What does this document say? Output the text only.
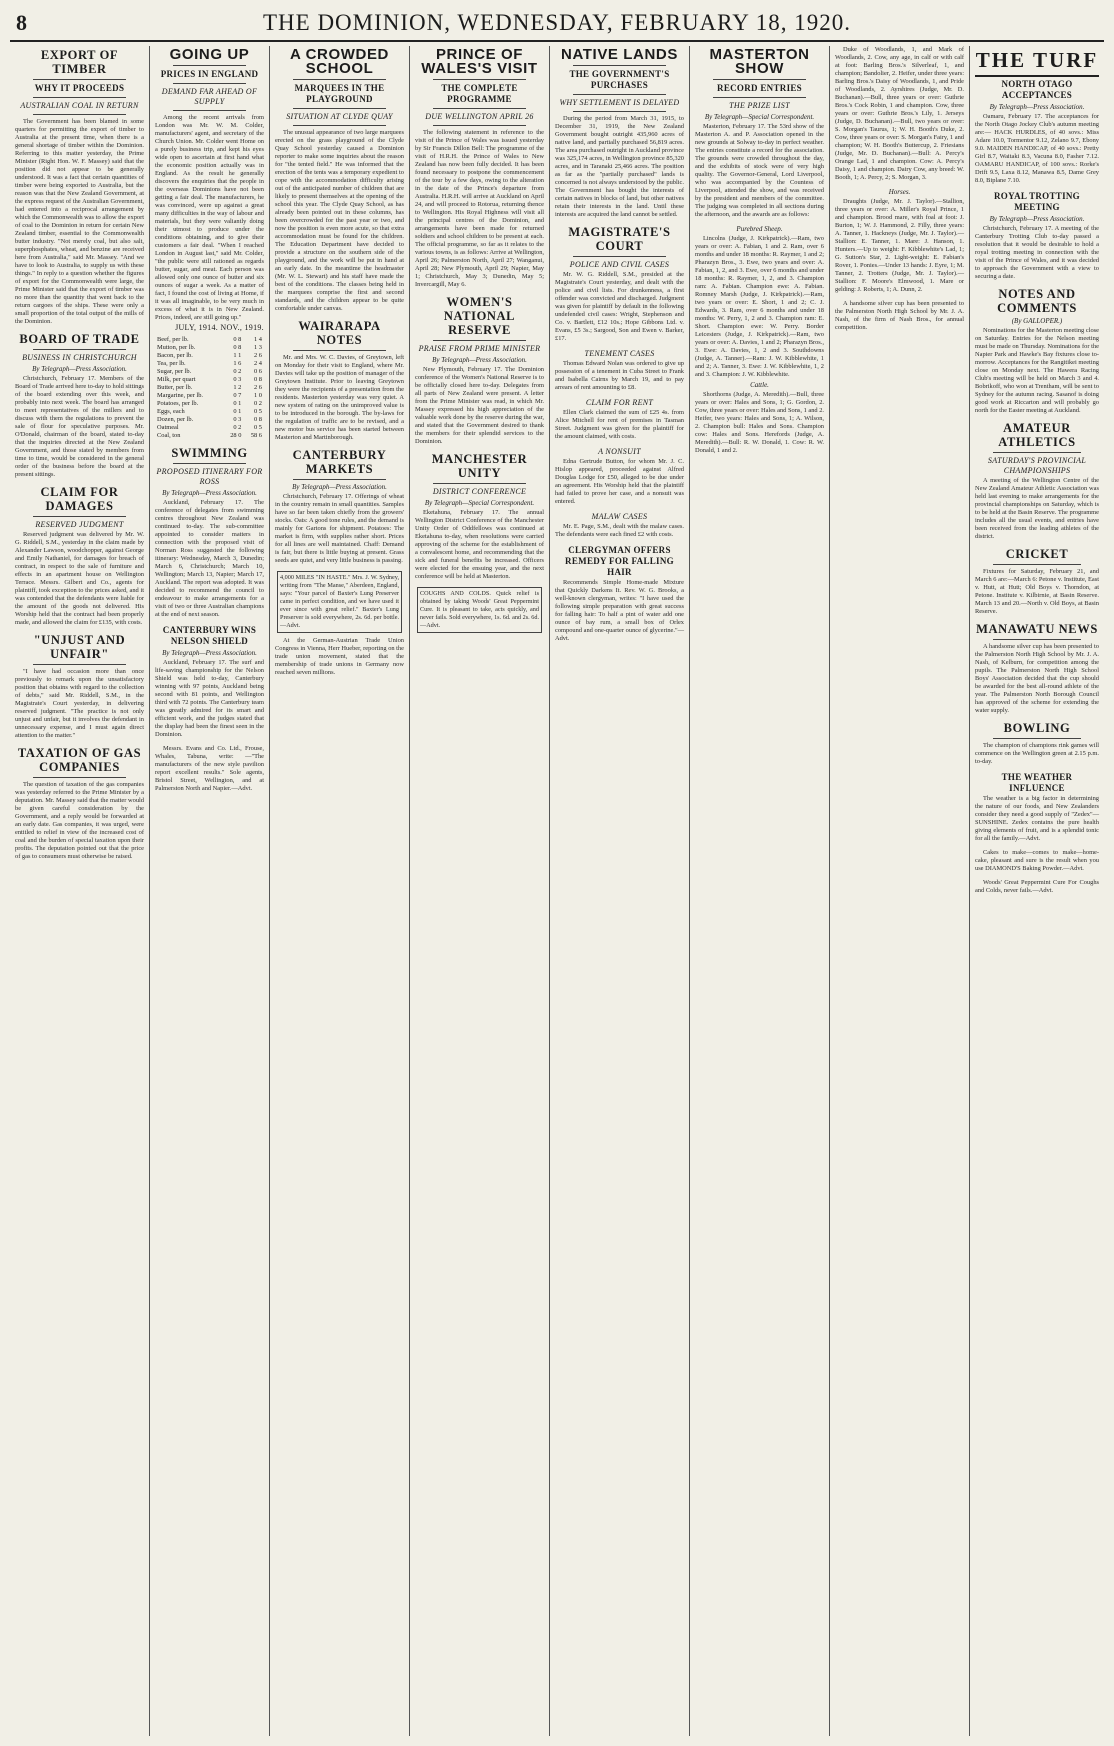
8	THE DOMINION, WEDNESDAY, FEBRUARY 18, 1920.
EXPORT OF TIMBER
WHY IT PROCEEDS
AUSTRALIAN COAL IN RETURN

The Government has been blamed in some quarters for permitting the export of timber to Australia at the present time, when there is a general shortage of timber within the Dominion. Referring to this matter yesterday, the Prime Minister (Right Hon. W. F. Massey) said that the position did not appear to be generally understood. It was a fact that certain quantities of timber were being exported to Australia, but the reason was that the New Zealand Government, at the express request of the Australian Government, had entered into a reciprocal arrangement by which the Commonwealth was to allow the export of coal to the Dominion in return for certain New Zealand timber, essential to the Commonwealth butter industry. "Not merely coal, but also salt, superphosphates, wheat, and benzine are received here from Australia," said Mr. Massey. "And we have to look to Australia, to supply us with these things." In reply to a question whether the figures of export for the Commonwealth were large, the Prime Minister said that the export of timber was no more than the quantity that went back to the return cargoes of the ships. These were only a small proportion of the total output of the mills of the Dominion.

BOARD OF TRADE
BUSINESS IN CHRISTCHURCH
By Telegraph—Press Association.

Christchurch, February 17. Members of the Board of Trade arrived here to-day to hold sittings of the board extending over this week, and probably into next week. The board has arranged to meet representatives of the millers and to discuss with them the regulations to prevent the sale of flour for speculative purposes. Mr. O'Donald, chairman of the board, stated to-day that the inquiries directed at the New Zealand Government, and those stated by members from time to time, would be considered in the general order of the business before the board at the present sittings.

CLAIM FOR DAMAGES
RESERVED JUDGMENT

Reserved judgment was delivered by Mr. W. G. Riddell, S.M., yesterday in the claim made by Alexander Lawson, woodchopper, against George and Emily Nathaniel, for damages for breach of contract, in respect to the sale of furniture and effects in an apartment house on Wellington Terrace. Messrs. Gilbert and Co., agents for plaintiff, took exception to the prices asked, and it was contended that the defendants were liable for the amount of the goods not delivered. His Worship held that the contract had been properly made, and allowed the claim for £135, with costs.

"UNJUST AND UNFAIR"

"I have had occasion more than once previously to remark upon the unsatisfactory position that obtains with regard to the collection of debts," said Mr. Riddell, S.M., in the Magistrate's Court yesterday, in delivering reserved judgment. "The practice is not only unjust and unfair, but it involves the defendant in unnecessary expense, and I must again direct attention to the matter."

TAXATION OF GAS COMPANIES

The question of taxation of the gas companies was yesterday referred to the Prime Minister by a deputation. Mr. Massey said that the matter would be given careful consideration by the Government, and a reply would be forwarded at an early date. Gas companies, it was urged, were entitled to relief in view of the increased cost of coal and the burden of special taxation upon their profits. The deputation pointed out that the price of gas to consumers must otherwise be raised.

GOING UP
PRICES IN ENGLAND
DEMAND FAR AHEAD OF SUPPLY

Among the recent arrivals from London was Mr. W. M. Colder, manufacturers' agent, and secretary of the Church Union. Mr. Colder went Home on a purely business trip, and kept his eyes wide open to ascertain at first hand what the economic position actually was in England. As the result he generally discovers the enquiries that the people in the overseas Dominions have not been getting a fair deal. The manufacturers, he was convinced, were up against a great many difficulties in the way of labour and materials, but they were valiantly doing their utmost to produce under the conditions obtaining, and to give their customers a fair deal. "When I reached London in August last," said Mr. Colder, "the public were still rationed as regards butter, sugar, and meat. Each person was allowed only one ounce of butter and six ounces of sugar a week. As a matter of fact, I found the cost of living at Home, if it was all imaginable, to be very much in excess of what it is in New Zealand. Prices, indeed, are still going up."

JULY, 1914. NOV., 1919.
Beef, per lb.	0 8	1 4
Mutton, per lb.	0 8	1 3
Bacon, per lb.	1 1	2 6
Tea, per lb.	1 6	2 4
Sugar, per lb.	0 2	0 6
Milk, per quart	0 3	0 8
Butter, per lb.	1 2	2 6
Margarine, per lb.	0 7	1 0
Potatoes, per lb.	0 1	0 2
Eggs, each	0 1	0 5
Dozen, per lb.	0 3	0 8
Oatmeal	0 2	0 5
Coal, ton	28 0	58 6
SWIMMING
PROPOSED ITINERARY FOR ROSS
By Telegraph—Press Association.

Auckland, February 17. The conference of delegates from swimming centres throughout New Zealand was continued to-day. The sub-committee appointed to consider matters in connection with the proposed visit of Norman Ross suggested the following itinerary: Wednesday, March 3, Dunedin; March 6, Christchurch; March 10, Wellington; March 13, Napier; March 17, Auckland. The report was adopted. It was decided to recommend the council to endeavour to make arrangements for a visit of two or three Australian champions at the end of next season.

CANTERBURY WINS NELSON SHIELD
By Telegraph—Press Association.

Auckland, February 17. The surf and life-saving championship for the Nelson Shield was held to-day, Canterbury winning with 97 points, Auckland being second with 81 points, and Wellington third with 72 points. The Canterbury team was greatly admired for its smart and efficient work, and the judges stated that the display had been the finest seen in the Dominion.

Messrs. Evans and Co. Ltd., Frouse, Whales, Tabuna, write: —"The manufacturers of the new style pavilion report excellent results." Sole agents, Bristol Street, Wellington, and at Palmerston North and Napier.—Advt.

A CROWDED SCHOOL
MARQUEES IN THE PLAYGROUND
SITUATION AT CLYDE QUAY

The unusual appearance of two large marquees erected on the grass playground of the Clyde Quay School yesterday caused a Dominion reporter to make some inquiries about the reason for "the tented field." He was informed that the erection of the tents was a temporary expedient to cope with the accommodation difficulty arising out of the anticipated number of children that are likely to present themselves at the opening of the school this year. The Clyde Quay School, as has already been pointed out in these columns, has been overcrowded for the past year or two, and now the position is even more acute, so that extra accommodation must be found for the children. The Education Department have decided to provide a structure on the southern side of the playground, and the work will be put in hand at an early date. In the meantime the headmaster (Mr. W. L. Stewart) and his staff have made the best of the conditions. The classes being held in the marquees comprise the first and second standards, and the children appear to be quite comfortable under canvas.

WAIRARAPA NOTES

Mr. and Mrs. W. C. Davies, of Greytown, left on Monday for their visit to England, where Mr. Davies will take up the position of manager of the Greytown Institute. Prior to leaving Greytown they were the recipients of a presentation from the residents. Masterton yesterday was very quiet. A new system of rating on the unimproved value is to be introduced in the borough. The by-laws for the regulation of traffic are to be revised, and a new motor bus service has been started between Masterton and Martinborough.

CANTERBURY MARKETS
By Telegraph—Press Association.

Christchurch, February 17. Offerings of wheat in the country remain in small quantities. Samples have so far been taken chiefly from the growers' stocks. Oats: A good tone rules, and the demand is mainly for Gartons for shipment. Potatoes: The market is firm, with supplies rather short. Prices for all lines are well maintained. Chaff: Demand is fair, but there is little buying at present. Grass seeds are quiet, and very little business is passing.

4,000 MILES "IN HASTE." Mrs. J. W. Sydney, writing from "The Manse," Aberdeen, England, says: "Your parcel of Baxter's Lung Preserver came in perfect condition, and we have used it ever since with great relief." Baxter's Lung Preserver is sold everywhere, 2s. 6d. per bottle.—Advt.

At the German-Austrian Trade Union Congress in Vienna, Herr Hueber, reporting on the trade union movement, stated that the membership of trade unions in Germany now reached seven millions.

PRINCE OF WALES'S VISIT
THE COMPLETE PROGRAMME
DUE WELLINGTON APRIL 26

The following statement in reference to the visit of the Prince of Wales was issued yesterday by Sir Francis Dillon Bell: The programme of the visit of H.R.H. the Prince of Wales to New Zealand has now been fully decided. It has been found necessary to postpone the commencement of the tour by a few days, owing to the alteration in the date of the Prince's departure from Australia. H.R.H. will arrive at Auckland on April 24, and will proceed to Rotorua, returning thence to Wellington. His Royal Highness will visit all the principal centres of the Dominion, and arrangements have been made for returned soldiers and school children to be present at each. The official programme, so far as it relates to the various towns, is as follows: Arrive at Wellington, April 26; Palmerston North, April 27; Wanganui, April 28; New Plymouth, April 29; Napier, May 1; Christchurch, May 3; Dunedin, May 5; Invercargill, May 6.

WOMEN'S NATIONAL RESERVE
PRAISE FROM PRIME MINISTER
By Telegraph—Press Association.

New Plymouth, February 17. The Dominion conference of the Women's National Reserve is to be officially closed here to-day. Delegates from all parts of New Zealand were present. A letter from the Prime Minister was read, in which Mr. Massey expressed his high appreciation of the valuable work done by the reserve during the war, and stated that the Government desired to thank the members for their splendid services to the Dominion.

MANCHESTER UNITY
DISTRICT CONFERENCE
By Telegraph—Special Correspondent.

Eketahuna, February 17. The annual Wellington District Conference of the Manchester Unity Order of Oddfellows was continued at Eketahuna to-day, when resolutions were carried approving of the scheme for the establishment of a convalescent home, and recommending that the sick and funeral benefits be increased. Officers were elected for the ensuing year, and the next conference will be held at Masterton.

COUGHS AND COLDS. Quick relief is obtained by taking Woods' Great Peppermint Cure. It is pleasant to take, acts quickly, and never fails. Sold everywhere, 1s. 6d. and 2s. 6d.—Advt.

NATIVE LANDS
THE GOVERNMENT'S PURCHASES
WHY SETTLEMENT IS DELAYED

During the period from March 31, 1915, to December 31, 1919, the New Zealand Government bought outright 435,960 acres of native land, and partially purchased 56,819 acres. The area purchased outright in Auckland province was 325,174 acres, in Wellington province 85,320 acres, and in Taranaki 25,466 acres. The position as far as the "partially purchased" lands is concerned is not always understood by the public. The Government has bought the interests of certain natives in blocks of land, but other natives retain their interests in the land. Until these interests are acquired the land cannot be settled.

MAGISTRATE'S COURT
POLICE AND CIVIL CASES

Mr. W. G. Riddell, S.M., presided at the Magistrate's Court yesterday, and dealt with the police and civil lists. For drunkenness, a first offender was convicted and discharged. Judgment was given for plaintiff by default in the following undefended civil cases: Wright, Stephenson and Co. v. Bartlett, £12 10s.; Hope Gibbons Ltd. v. Evans, £5 3s.; Sargood, Son and Ewen v. Barker, £17.

TENEMENT CASES

Thomas Edward Nolan was ordered to give up possession of a tenement in Cuba Street to Frank and Isabella Cairns by March 19, and to pay arrears of rent amounting to £8.

CLAIM FOR RENT

Ellen Clark claimed the sum of £25 4s. from Alice Mitchell for rent of premises in Tasman Street. Judgment was given for the plaintiff for the amount claimed, with costs.

A NONSUIT

Edna Gertrude Button, for whom Mr. J. C. Hislop appeared, proceeded against Alfred Douglas Lodge for £50, alleged to be due under an agreement. His Worship held that the plaintiff had failed to prove her case, and a nonsuit was entered.

MALAW CASES

Mr. E. Page, S.M., dealt with the malaw cases. The defendants were each fined £2 with costs.

CLERGYMAN OFFERS REMEDY FOR FALLING HAIR

Recommends Simple Home-made Mixture that Quickly Darkens It. Rev. W. G. Brooks, a well-known clergyman, writes: "I have used the following simple preparation with great success for falling hair: To half a pint of water add one ounce of bay rum, a small box of Orlex compound and one-quarter ounce of glycerine."—Advt.

MASTERTON SHOW
RECORD ENTRIES
THE PRIZE LIST
By Telegraph—Special Correspondent.

Masterton, February 17. The 53rd show of the Masterton A. and P. Association opened in the new grounds at Solway to-day in perfect weather. The entries constitute a record for the association. The grounds were crowded throughout the day, and the exhibits of stock were of very high quality. The Governor-General, Lord Liverpool, who was accompanied by the Countess of Liverpool, attended the show, and was received by the president and members of the committee. The judging was completed in all sections during the afternoon, and the awards are as follows:

Purebred Sheep.

Lincolns (Judge, J. Kirkpatrick).—Ram, two years or over: A. Fabian, 1 and 2. Ram, over 6 months and under 18 months: R. Raymer, 1 and 2; Pharazyn Bros., 3. Ewe, two years and over: A. Fabian, 1, 2, and 3. Ewe, over 6 months and under 18 months: R. Raymer, 1, 2, and 3. Champion ram: A. Fabian. Champion ewe: A. Fabian. Romney Marsh (Judge, J. Kirkpatrick).—Ram, two years or over: E. Short, 1 and 2; C. J. Edwards, 3. Ram, over 6 months and under 18 months: W. Perry, 1, 2 and 3. Champion ram: E. Short. Champion ewe: W. Perry. Border Leicesters (Judge, J. Kirkpatrick).—Ram, two years or over: A. Davies, 1 and 2; Pharazyn Bros., 3. Ewe: A. Davies, 1, 2 and 3. Southdowns (Judge, A. Tanner).—Ram: J. W. Kibblewhite, 1 and 2; A. Tanner, 3. Ewe: J. W. Kibblewhite, 1, 2 and 3. Champion: J. W. Kibblewhite.

Cattle.

Shorthorns (Judge, A. Meredith).—Bull, three years or over: Hales and Sons, 1; G. Gordon, 2. Cow, three years or over: Hales and Sons, 1 and 2. Heifer, two years: Hales and Sons, 1; A. Wilson, 2. Champion bull: Hales and Sons. Champion cow: Hales and Sons. Herefords (Judge, A. Meredith).—Bull: R. W. Donald, 1. Cow: R. W. Donald, 1 and 2.

Duke of Woodlands, 1, and Mark of Woodlands, 2. Cow, any age, in calf or with calf at foot: Barling Bros.'s Silverleaf, 1, and champion; Bandolier, 2. Heifer, under three years: Barling Bros.'s Daisy of Woodlands, 1, and Pride of Woodlands, 2. Ayrshires (Judge, Mr. D. Buchanan).—Bull, three years or over: Guthrie Bros.'s Cock Robin, 1 and champion. Cow, three years or over: Guthrie Bros.'s Lily, 1. Jerseys (Judge, D. Buchanan).—Bull, two years or over: S. Morgan's Taurus, 1; W. H. Booth's Duke, 2. Cow, three years or over: S. Morgan's Fairy, 1 and champion; W. H. Booth's Buttercup, 2. Friesians (Judge, Mr. D. Buchanan).—Bull: A. Percy's Orange Lad, 1 and champion. Cow: A. Percy's Daisy, 1 and champion. Dairy Cow, any breed: W. Booth, 1; A. Percy, 2; S. Morgan, 3.

Horses.

Draughts (Judge, Mr. J. Taylor).—Stallion, three years or over: A. Miller's Royal Prince, 1 and champion. Brood mare, with foal at foot: J. Burton, 1; W. J. Hammond, 2. Filly, three years: A. Tanner, 1. Hackneys (Judge, Mr. J. Taylor).—Stallion: E. Tanner, 1. Mare: J. Hanson, 1. Hunters.—Up to weight: F. Kibblewhite's Lad, 1; G. Sutton's Star, 2. Light-weight: E. Fabian's Rover, 1. Ponies.—Under 13 hands: J. Eyre, 1; M. Tanner, 2. Trotters (Judge, Mr. J. Taylor).—Stallion: F. Moore's Elmwood, 1. Mare or gelding: J. Roberts, 1; A. Dunn, 2.

A handsome silver cup has been presented to the Palmerston North High School by Mr. J. A. Nash, of the firm of Nash Bros., for annual competition.

THE TURF
NORTH OTAGO ACCEPTANCES
By Telegraph—Press Association.

Oamaru, February 17. The acceptances for the North Otago Jockey Club's autumn meeting are:— HACK HURDLES, of 40 sovs.: Miss Adare 10.0, Tormentor 9.12, Zelano 9.7, Ebony 9.0. MAIDEN HANDICAP, of 40 sovs.: Pretty Girl 8.7, Waitaki 8.3, Vacuna 8.0, Fasher 7.12. OAMARU HANDICAP, of 100 sovs.: Rorke's Drift 9.5, Laxa 8.12, Manawa 8.5, Dame Grey 8.0, Biplane 7.10.

ROYAL TROTTING MEETING
By Telegraph—Press Association.

Christchurch, February 17. A meeting of the Canterbury Trotting Club to-day passed a resolution that it would be desirable to hold a royal trotting meeting in connection with the visit of the Prince of Wales, and it was decided to approach the Government with a view to securing a date.

NOTES AND COMMENTS
(By GALLOPER.)

Nominations for the Masterton meeting close on Saturday. Entries for the Nelson meeting must be made on Thursday. Nominations for the Napier Park and Hawke's Bay fixtures close to-morrow. Acceptances for the Rangitikei meeting close on Monday next. The Hawera Racing Club's meeting will be held on March 3 and 4. Bobrikoff, who won at Trentham, will be sent to Sydney for the autumn racing. Sasanof is doing good work at Riccarton and will probably go north for the Easter meeting at Auckland.

AMATEUR ATHLETICS
SATURDAY'S PROVINCIAL CHAMPIONSHIPS

A meeting of the Wellington Centre of the New Zealand Amateur Athletic Association was held last evening to make arrangements for the provincial championships on Saturday, which is to be held at the Basin Reserve. The programme includes all the usual events, and entries have been received from the leading athletes of the district.

CRICKET

Fixtures for Saturday, February 21, and March 6 are:—March 6: Petone v. Institute, East v. Hutt, at Hutt; Old Boys v. Thorndon, at Petone. Institute v. Kilbirnie, at Basin Reserve. March 13 and 20.—North v. Old Boys, at Basin Reserve.

MANAWATU NEWS

A handsome silver cup has been presented to the Palmerston North High School by Mr. J. A. Nash, of Kelburn, for competition among the pupils. The Palmerston North High School Boys' Association decided that the cup should be awarded for the best all-round athlete of the year. The Palmerston North Borough Council has approved of the scheme for extending the water supply.

BOWLING

The champion of champions rink games will commence on the Wellington green at 2.15 p.m. to-day.

THE WEATHER INFLUENCE

The weather is a big factor in determining the nature of our foods, and New Zealanders consider they need a good supply of "Zedex"—SUNSHINE. Zedex contains the pure health giving elements of fruit, and is a splendid tonic for all the family.—Advt.

Cakes to make—comes to make—home-cake, pleasant and sure is the result when you use DIAMOND'S Baking Powder.—Advt.

Woods' Great Peppermint Cure For Coughs and Colds, never fails.—Advt.
